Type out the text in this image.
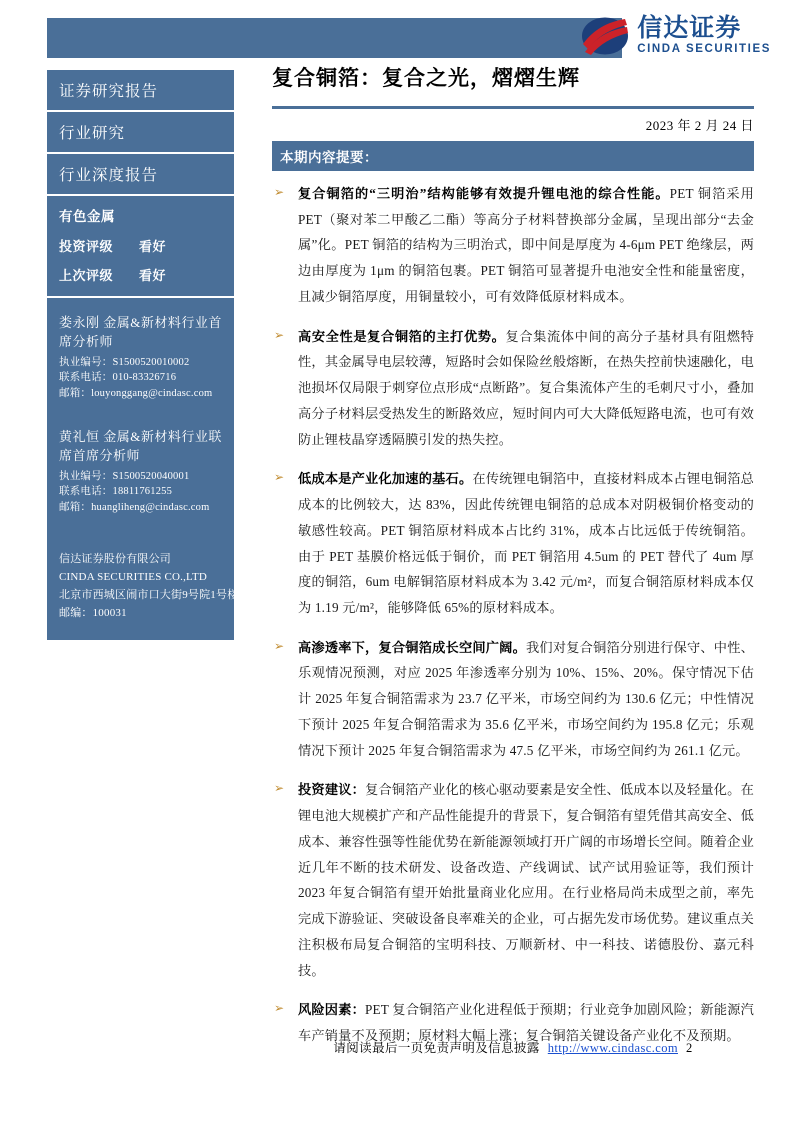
信达证券
CINDA SECURITIES
证券研究报告
行业研究
行业深度报告
有色金属
投资评级	看好
上次评级	看好
娄永刚 金属&新材料行业首席分析师
执业编号：S1500520010002
联系电话：010-83326716
邮箱：louyonggang@cindasc.com
黄礼恒 金属&新材料行业联席首席分析师
执业编号：S1500520040001
联系电话：18811761255
邮箱：huangliheng@cindasc.com
信达证券股份有限公司
CINDA SECURITIES CO.,LTD
北京市西城区闹市口大街9号院1号楼
邮编：100031
复合铜箔：复合之光，熠熠生辉
2023 年 2 月 24 日
本期内容提要：
➢	复合铜箔的“三明治”结构能够有效提升锂电池的综合性能。PET 铜箔采用 PET（聚对苯二甲酸乙二酯）等高分子材料替换部分金属，呈现出部分“去金属”化。PET 铜箔的结构为三明治式，即中间是厚度为 4-6μm PET 绝缘层，两边由厚度为 1μm 的铜箔包裹。PET 铜箔可显著提升电池安全性和能量密度，且减少铜箔厚度，用铜量较小，可有效降低原材料成本。
➢	高安全性是复合铜箔的主打优势。复合集流体中间的高分子基材具有阻燃特性，其金属导电层较薄，短路时会如保险丝般熔断，在热失控前快速融化，电池损坏仅局限于刺穿位点形成“点断路”。复合集流体产生的毛刺尺寸小，叠加高分子材料层受热发生的断路效应，短时间内可大大降低短路电流，也可有效防止锂枝晶穿透隔膜引发的热失控。
➢	低成本是产业化加速的基石。在传统锂电铜箔中，直接材料成本占锂电铜箔总成本的比例较大，达 83%，因此传统锂电铜箔的总成本对阴极铜价格变动的敏感性较高。PET 铜箔原材料成本占比约 31%，成本占比远低于传统铜箔。由于 PET 基膜价格远低于铜价，而 PET 铜箔用 4.5um 的 PET 替代了 4um 厚度的铜箔，6um 电解铜箔原材料成本为 3.42 元/m²，而复合铜箔原材料成本仅为 1.19 元/m²，能够降低 65%的原材料成本。
➢	高渗透率下，复合铜箔成长空间广阔。我们对复合铜箔分别进行保守、中性、乐观情况预测，对应 2025 年渗透率分别为 10%、15%、20%。保守情况下估计 2025 年复合铜箔需求为 23.7 亿平米，市场空间约为 130.6 亿元；中性情况下预计 2025 年复合铜箔需求为 35.6 亿平米，市场空间约为 195.8 亿元；乐观情况下预计 2025 年复合铜箔需求为 47.5 亿平米，市场空间约为 261.1 亿元。
➢	投资建议：复合铜箔产业化的核心驱动要素是安全性、低成本以及轻量化。在锂电池大规模扩产和产品性能提升的背景下，复合铜箔有望凭借其高安全、低成本、兼容性强等性能优势在新能源领域打开广阔的市场增长空间。随着企业近几年不断的技术研发、设备改造、产线调试、试产试用验证等，我们预计 2023 年复合铜箔有望开始批量商业化应用。在行业格局尚未成型之前，率先完成下游验证、突破设备良率难关的企业，可占据先发市场优势。建议重点关注积极布局复合铜箔的宝明科技、万顺新材、中一科技、诺德股份、嘉元科技。
➢	风险因素：PET 复合铜箔产业化进程低于预期；行业竞争加剧风险；新能源汽车产销量不及预期；原材料大幅上涨；复合铜箔关键设备产业化不及预期。
请阅读最后一页免责声明及信息披露 http://www.cindasc.com 2
